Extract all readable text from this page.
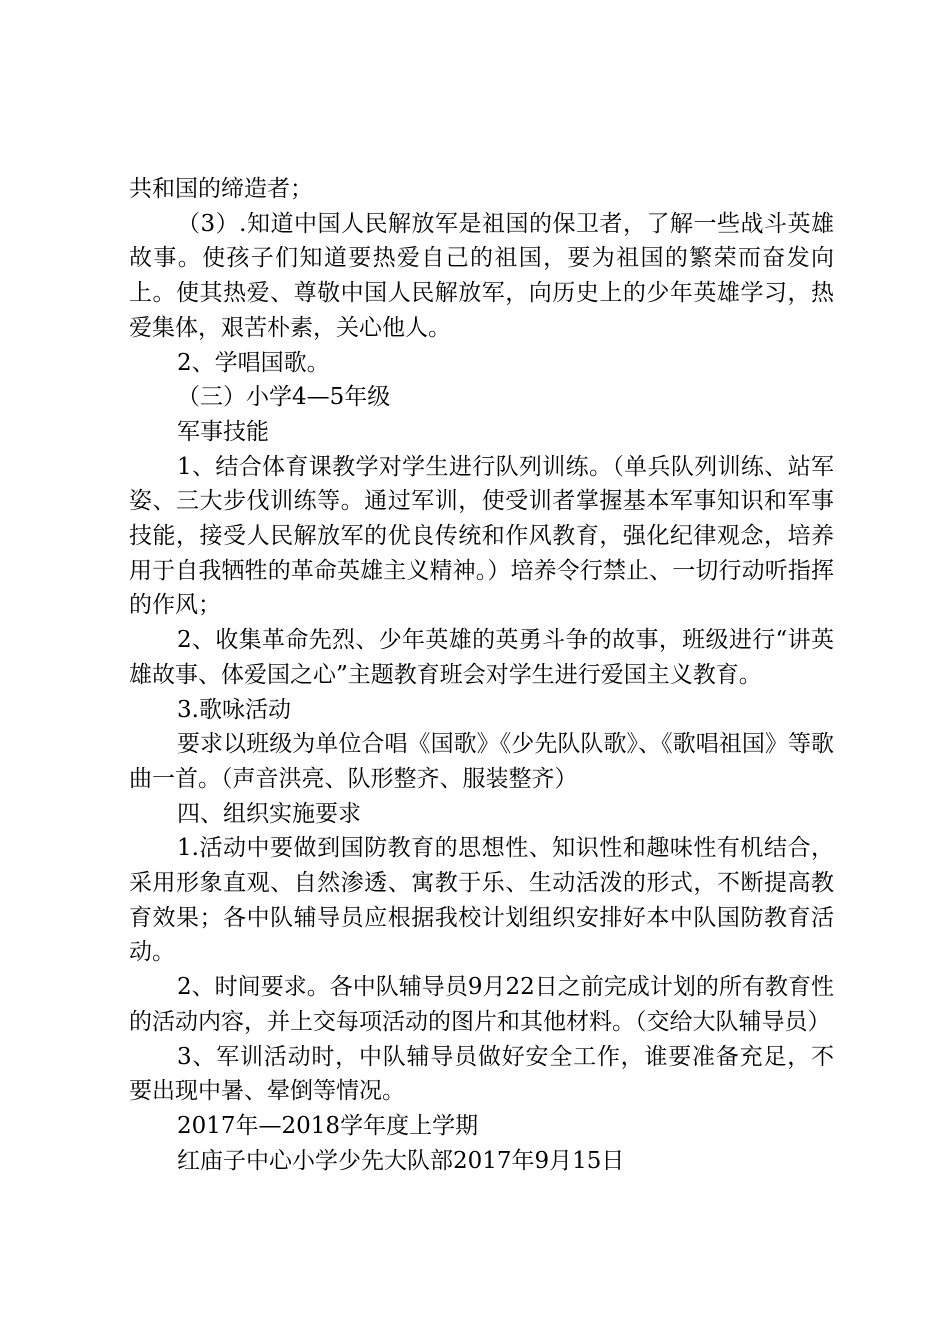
共和国的缔造者；

（3）.知道中国人民解放军是祖国的保卫者，了解一些战斗英雄故事。使孩子们知道要热爱自己的祖国，要为祖国的繁荣而奋发向上。使其热爱、尊敬中国人民解放军，向历史上的少年英雄学习，热爱集体，艰苦朴素，关心他人。

2、学唱国歌。

（三）小学4—5年级

军事技能

1、结合体育课教学对学生进行队列训练。（单兵队列训练、站军姿、三大步伐训练等。通过军训，使受训者掌握基本军事知识和军事技能，接受人民解放军的优良传统和作风教育，强化纪律观念，培养用于自我牺牲的革命英雄主义精神。）培养令行禁止、一切行动听指挥的作风；

2、收集革命先烈、少年英雄的英勇斗争的故事，班级进行“讲英雄故事、体爱国之心”主题教育班会对学生进行爱国主义教育。

3.歌咏活动

要求以班级为单位合唱《国歌》《少先队队歌》、《歌唱祖国》等歌曲一首。（声音洪亮、队形整齐、服装整齐）

四、组织实施要求

1.活动中要做到国防教育的思想性、知识性和趣味性有机结合，采用形象直观、自然渗透、寓教于乐、生动活泼的形式，不断提高教育效果；各中队辅导员应根据我校计划组织安排好本中队国防教育活动。

2、时间要求。各中队辅导员9月22日之前完成计划的所有教育性的活动内容，并上交每项活动的图片和其他材料。（交给大队辅导员）

3、军训活动时，中队辅导员做好安全工作，谁要准备充足，不要出现中暑、晕倒等情况。

2017年—2018学年度上学期

红庙子中心小学少先大队部2017年9月15日
